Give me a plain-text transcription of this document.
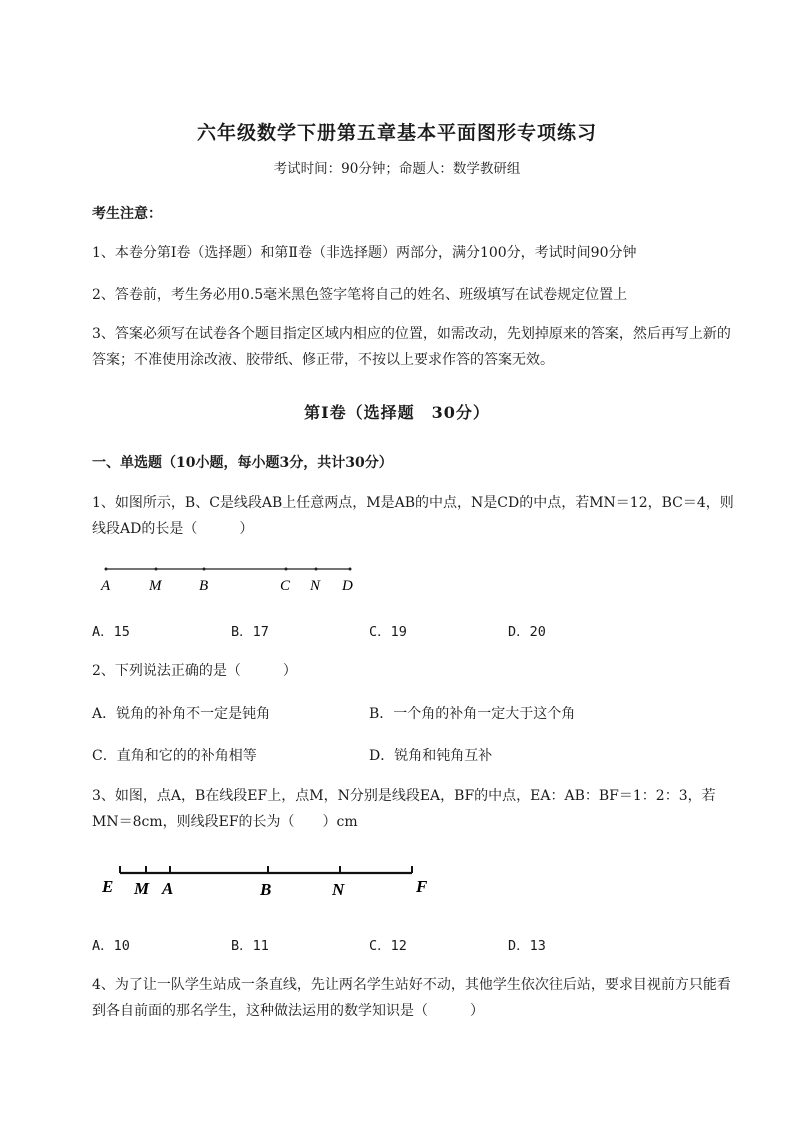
六年级数学下册第五章基本平面图形专项练习
考试时间：90分钟；命题人：数学教研组
考生注意：
1、本卷分第I卷（选择题）和第Ⅱ卷（非选择题）两部分，满分100分，考试时间90分钟
2、答卷前，考生务必用0.5毫米黑色签字笔将自己的姓名、班级填写在试卷规定位置上
3、答案必须写在试卷各个题目指定区域内相应的位置，如需改动，先划掉原来的答案，然后再写上新的答案；不准使用涂改液、胶带纸、修正带，不按以上要求作答的答案无效。
第I卷（选择题　30分）
一、单选题（10小题，每小题3分，共计30分）
1、如图所示，B、C是线段AB上任意两点，M是AB的中点，N是CD的中点，若MN＝12，BC＝4，则线段AD的长是（　　　）
A	M	B	C N D
A．15	B．17	C．19	D．20
2、下列说法正确的是（　　　）
A．锐角的补角不一定是钝角	B．一个角的补角一定大于这个角
C．直角和它的的补角相等	D．锐角和钝角互补
3、如图，点A，B在线段EF上，点M，N分别是线段EA，BF的中点，EA：AB：BF＝1：2：3，若MN＝8cm，则线段EF的长为（　　）cm
E M A	B	N	F
A．10	B．11	C．12	D．13
4、为了让一队学生站成一条直线，先让两名学生站好不动，其他学生依次往后站，要求目视前方只能看到各自前面的那名学生，这种做法运用的数学知识是（　　　）
